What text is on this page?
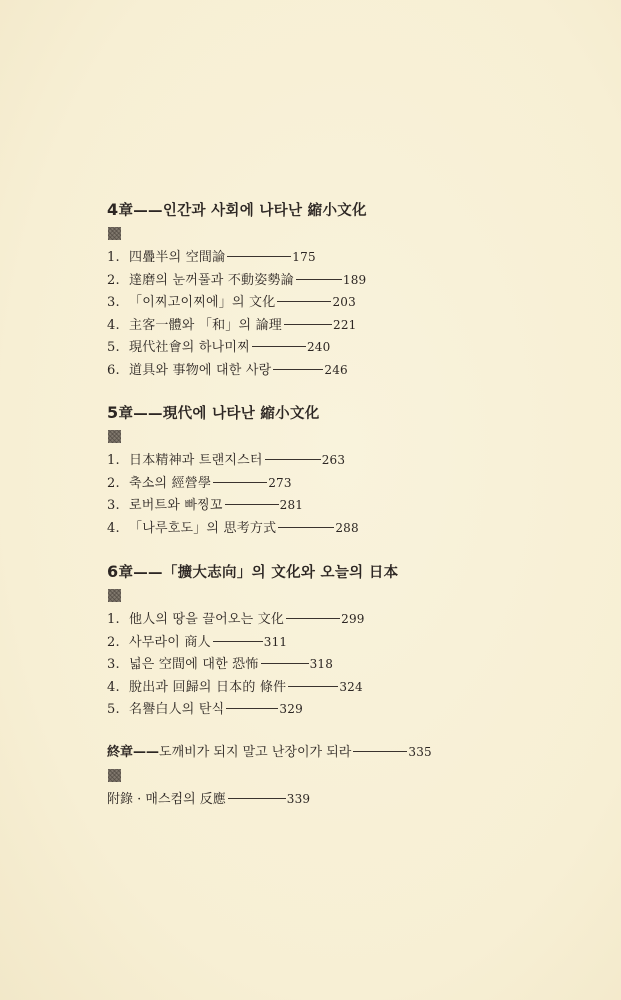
4章——인간과 사회에 나타난 縮小文化
1. 四疊半의 空間論	175
2. 達磨의 눈꺼풀과 不動姿勢論	189
3. 「이찌고이찌에」의 文化	203
4. 主客一體와 「和」의 論理	221
5. 現代社會의 하나미찌	240
6. 道具와 事物에 대한 사랑	246
5章——現代에 나타난 縮小文化
1. 日本精神과 트랜지스터	263
2. 축소의 經營學	273
3. 로버트와 빠찡꼬	281
4. 「나루호도」의 思考方式	288
6章——「擴大志向」의 文化와 오늘의 日本
1. 他人의 땅을 끌어오는 文化	299
2. 사무라이 商人	311
3. 넓은 空間에 대한 恐怖	318
4. 脫出과 回歸의 日本的 條件	324
5. 名譽白人의 탄식	329
終章——도깨비가 되지 말고 난장이가 되라	335
附錄 · 매스컴의 反應	339
